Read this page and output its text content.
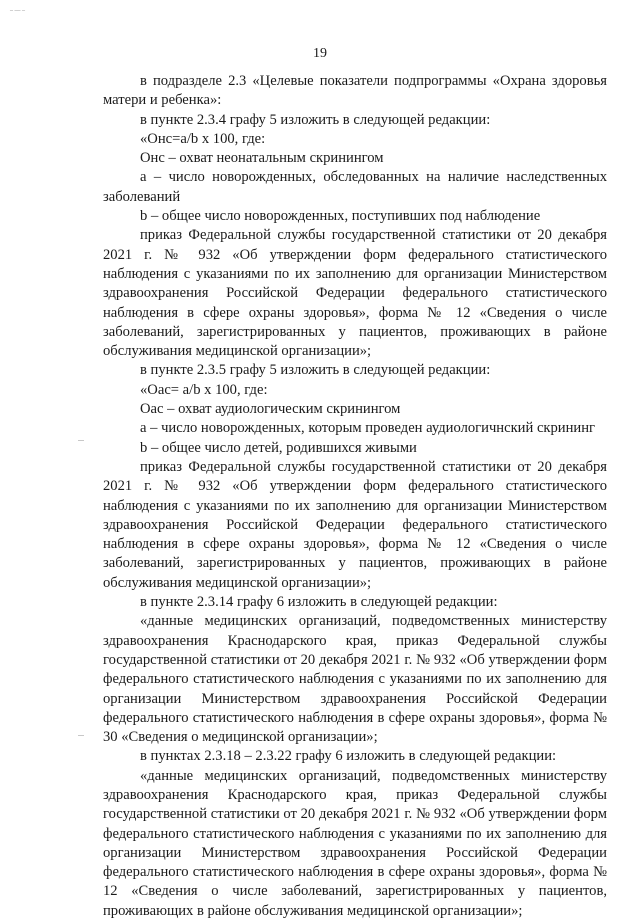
– –– –
19

в подразделе 2.3 «Целевые показатели подпрограммы «Охрана здоровья матери и ребенка»:

в пункте 2.3.4 графу 5 изложить в следующей редакции:

«Онс=a/b x 100, где:

Онс – охват неонатальным скринингом

а – число новорожденных, обследованных на наличие наследственных заболеваний

b – общее число новорожденных, поступивших под наблюдение

приказ Федеральной службы государственной статистики от 20 декабря 2021 г. № 932 «Об утверждении форм федерального статистического наблюдения с указаниями по их заполнению для организации Министерством здравоохранения Российской Федерации федерального статистического наблюдения в сфере охраны здоровья», форма № 12 «Сведения о числе заболеваний, зарегистрированных у пациентов, проживающих в районе обслуживания медицинской организации»;

в пункте 2.3.5 графу 5 изложить в следующей редакции:

«Оас= a/b x 100, где:

Оас – охват аудиологическим скринингом

а – число новорожденных, которым проведен аудиологичнский скрининг

b – общее число детей, родившихся живыми

приказ Федеральной службы государственной статистики от 20 декабря 2021 г. № 932 «Об утверждении форм федерального статистического наблюдения с указаниями по их заполнению для организации Министерством здравоохранения Российской Федерации федерального статистического наблюдения в сфере охраны здоровья», форма № 12 «Сведения о числе заболеваний, зарегистрированных у пациентов, проживающих в районе обслуживания медицинской организации»;

в пункте 2.3.14 графу 6 изложить в следующей редакции:

«данные медицинских организаций, подведомственных министерству здравоохранения Краснодарского края, приказ Федеральной службы государственной статистики от 20 декабря 2021 г. № 932 «Об утверждении форм федерального статистического наблюдения с указаниями по их заполнению для организации Министерством здравоохранения Российской Федерации федерального статистического наблюдения в сфере охраны здоровья», форма № 30 «Сведения о медицинской организации»;

в пунктах 2.3.18 – 2.3.22 графу 6 изложить в следующей редакции:

«данные медицинских организаций, подведомственных министерству здравоохранения Краснодарского края, приказ Федеральной службы государственной статистики от 20 декабря 2021 г. № 932 «Об утверждении форм федерального статистического наблюдения с указаниями по их заполнению для организации Министерством здравоохранения Российской Федерации федерального статистического наблюдения в сфере охраны здоровья», форма № 12 «Сведения о числе заболеваний, зарегистрированных у пациентов, проживающих в районе обслуживания медицинской организации»;
